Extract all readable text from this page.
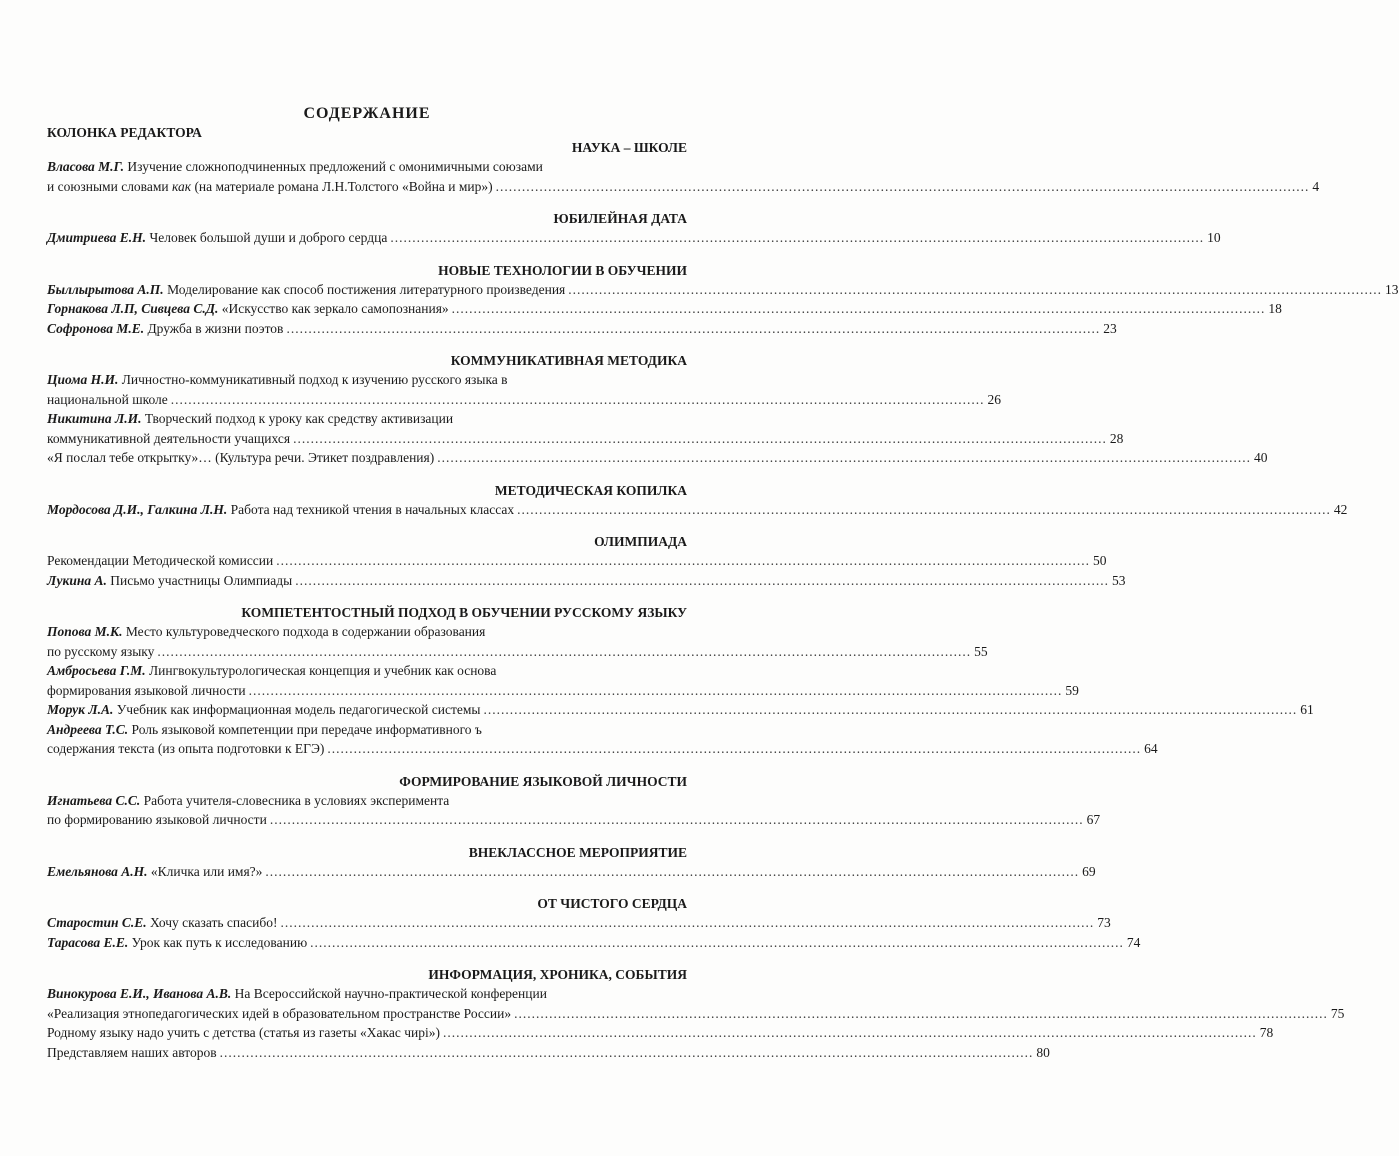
СОДЕРЖАНИЕ
КОЛОНКА РЕДАКТОРА
НАУКА – ШКОЛЕ
Власова М.Г. Изучение сложноподчиненных предложений с омонимичными союзами
и союзными словами как (на материале романа Л.Н.Толстого «Война и мир») .....	4
ЮБИЛЕЙНАЯ ДАТА
Дмитриева Е.Н. Человек большой души и доброго сердца .....	10
НОВЫЕ ТЕХНОЛОГИИ В ОБУЧЕНИИ
Быллырытова А.П. Моделирование как способ постижения литературного произведения .....	13
Горнакова Л.П, Сивцева С.Д. «Искусство как зеркало самопознания» .....	18
Софронова М.Е. Дружба в жизни поэтов .....	23
КОММУНИКАТИВНАЯ МЕТОДИКА
Циома Н.И. Личностно-коммуникативный подход к изучению русского языка в
национальной школе .....	26
Никитина Л.И. Творческий подход к уроку как средству активизации
коммуникативной деятельности учащихся .....	28
«Я послал тебе открытку»… (Культура речи. Этикет поздравления) .....	40
МЕТОДИЧЕСКАЯ КОПИЛКА
Мордосова Д.И., Галкина Л.Н. Работа над техникой чтения в начальных классах .....	42
ОЛИМПИАДА
Рекомендации Методической комиссии .....	50
Лукина А. Письмо участницы Олимпиады .....	53
КОМПЕТЕНТОСТНЫЙ ПОДХОД В ОБУЧЕНИИ РУССКОМУ ЯЗЫКУ
Попова М.К. Место культуроведческого подхода в содержании образования
по русскому языку .....	55
Амбросьева Г.М. Лингвокультурологическая концепция и учебник как основа
формирования языковой личности .....	59
Морук Л.А. Учебник как информационная модель педагогической системы .....	61
Андреева Т.С. Роль языковой компетенции при передаче информативного ъ
содержания текста (из опыта подготовки к ЕГЭ) .....	64
ФОРМИРОВАНИЕ ЯЗЫКОВОЙ ЛИЧНОСТИ
Игнатьева С.С. Работа учителя-словесника в условиях эксперимента
по формированию языковой личности .....	67
ВНЕКЛАССНОЕ МЕРОПРИЯТИЕ
Емельянова А.Н. «Кличка или имя?» .....	69
ОТ ЧИСТОГО СЕРДЦА
Старостин С.Е. Хочу сказать спасибо! .....	73
Тарасова Е.Е. Урок как путь к исследованию .....	74
ИНФОРМАЦИЯ, ХРОНИКА, СОБЫТИЯ
Винокурова Е.И., Иванова А.В. На Всероссийской научно-практической конференции
«Реализация этнопедагогических идей в образовательном пространстве России» .....	75
Родному языку надо учить с детства (статья из газеты «Хакас чирi») .....	78
Представляем наших авторов .....	80
